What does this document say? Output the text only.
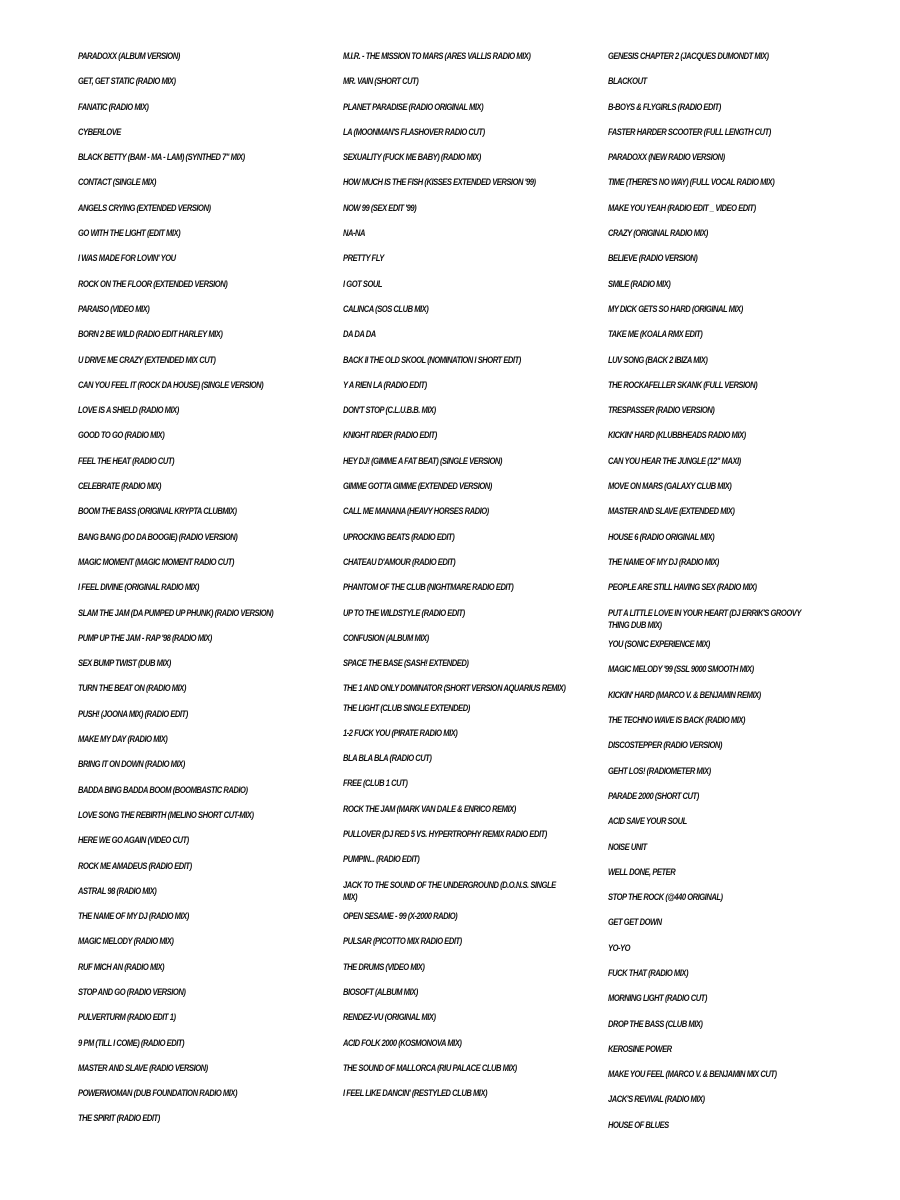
PARADOXX (ALBUM VERSION)
GET, GET STATIC (RADIO MIX)
FANATIC (RADIO MIX)
CYBERLOVE
BLACK BETTY (BAM - MA - LAM) (SYNTHED 7" MIX)
CONTACT (SINGLE MIX)
ANGELS CRYING (EXTENDED VERSION)
GO WITH THE LIGHT (EDIT MIX)
I WAS MADE FOR LOVIN' YOU
ROCK ON THE FLOOR (EXTENDED VERSION)
PARAISO (VIDEO MIX)
BORN 2 BE WILD (RADIO EDIT HARLEY MIX)
U DRIVE ME CRAZY (EXTENDED MIX CUT)
CAN YOU FEEL IT (ROCK DA HOUSE) (SINGLE VERSION)
LOVE IS A SHIELD (RADIO MIX)
GOOD TO GO (RADIO MIX)
FEEL THE HEAT (RADIO CUT)
CELEBRATE (RADIO MIX)
BOOM THE BASS (ORIGINAL KRYPTA CLUBMIX)
BANG BANG (DO DA BOOGIE) (RADIO VERSION)
MAGIC MOMENT (MAGIC MOMENT RADIO CUT)
I FEEL DIVINE (ORIGINAL RADIO MIX)
SLAM THE JAM (DA PUMPED UP PHUNK) (RADIO VERSION)
PUMP UP THE JAM - RAP '98 (RADIO MIX)
SEX BUMP TWIST (DUB MIX)
TURN THE BEAT ON (RADIO MIX)
PUSH! (JOONA MIX) (RADIO EDIT)
MAKE MY DAY (RADIO MIX)
BRING IT ON DOWN (RADIO MIX)
BADDA BING BADDA BOOM (BOOMBASTIC RADIO)
LOVE SONG THE REBIRTH (MELINO SHORT CUT-MIX)
HERE WE GO AGAIN (VIDEO CUT)
ROCK ME AMADEUS (RADIO EDIT)
ASTRAL 98 (RADIO MIX)
THE NAME OF MY DJ (RADIO MIX)
MAGIC MELODY (RADIO MIX)
RUF MICH AN (RADIO MIX)
STOP AND GO (RADIO VERSION)
PULVERTURM (RADIO EDIT 1)
9 PM (TILL I COME) (RADIO EDIT)
MASTER AND SLAVE (RADIO VERSION)
POWERWOMAN (DUB FOUNDATION RADIO MIX)
THE SPIRIT (RADIO EDIT)
M.I.R. - THE MISSION TO MARS (ARES VALLIS RADIO MIX)
MR. VAIN (SHORT CUT)
PLANET PARADISE (RADIO ORIGINAL MIX)
LA (MOONMAN'S FLASHOVER RADIO CUT)
SEXUALITY (FUCK ME BABY) (RADIO MIX)
HOW MUCH IS THE FISH (KISSES EXTENDED VERSION '99)
NOW 99 (SEX EDIT '99)
NA-NA
PRETTY FLY
I GOT SOUL
CALINCA (SOS CLUB MIX)
DA DA DA
BACK II THE OLD SKOOL (NOMINATION I SHORT EDIT)
Y A RIEN LA (RADIO EDIT)
DON'T STOP (C.L.U.B.B. MIX)
KNIGHT RIDER (RADIO EDIT)
HEY DJ! (GIMME A FAT BEAT) (SINGLE VERSION)
GIMME GOTTA GIMME (EXTENDED VERSION)
CALL ME MANANA (HEAVY HORSES RADIO)
UPROCKING BEATS (RADIO EDIT)
CHATEAU D'AMOUR (RADIO EDIT)
PHANTOM OF THE CLUB (NIGHTMARE RADIO EDIT)
UP TO THE WILDSTYLE (RADIO EDIT)
CONFUSION (ALBUM MIX)
SPACE THE BASE (SASH! EXTENDED)
THE 1 AND ONLY DOMINATOR (SHORT VERSION AQUARIUS REMIX)
THE LIGHT (CLUB SINGLE EXTENDED)
1-2 FUCK YOU (PIRATE RADIO MIX)
BLA BLA BLA (RADIO CUT)
FREE (CLUB 1 CUT)
ROCK THE JAM (MARK VAN DALE & ENRICO REMIX)
PULLOVER (DJ RED 5 VS. HYPERTROPHY REMIX RADIO EDIT)
PUMPIN... (RADIO EDIT)
JACK TO THE SOUND OF THE UNDERGROUND (D.O.N.S. SINGLE MIX)
OPEN SESAME - 99 (X-2000 RADIO)
PULSAR (PICOTTO MIX RADIO EDIT)
THE DRUMS (VIDEO MIX)
BIOSOFT (ALBUM MIX)
RENDEZ-VU (ORIGINAL MIX)
ACID FOLK 2000 (KOSMONOVA MIX)
THE SOUND OF MALLORCA (RIU PALACE CLUB MIX)
I FEEL LIKE DANCIN' (RESTYLED CLUB MIX)
GENESIS CHAPTER 2 (JACQUES DUMONDT MIX)
BLACKOUT
B-BOYS & FLYGIRLS (RADIO EDIT)
FASTER HARDER SCOOTER (FULL LENGTH CUT)
PARADOXX (NEW RADIO VERSION)
TIME (THERE'S NO WAY) (FULL VOCAL RADIO MIX)
MAKE YOU YEAH (RADIO EDIT _ VIDEO EDIT)
CRAZY (ORIGINAL RADIO MIX)
BELIEVE (RADIO VERSION)
SMILE (RADIO MIX)
MY DICK GETS SO HARD (ORIGINAL MIX)
TAKE ME (KOALA RMX EDIT)
LUV SONG (BACK 2 IBIZA MIX)
THE ROCKAFELLER SKANK (FULL VERSION)
TRESPASSER (RADIO VERSION)
KICKIN' HARD (KLUBBHEADS RADIO MIX)
CAN YOU HEAR THE JUNGLE (12" MAXI)
MOVE ON MARS (GALAXY CLUB MIX)
MASTER AND SLAVE (EXTENDED MIX)
HOUSE 6 (RADIO ORIGINAL MIX)
THE NAME OF MY DJ (RADIO MIX)
PEOPLE ARE STILL HAVING SEX (RADIO MIX)
PUT A LITTLE LOVE IN YOUR HEART (DJ ERRIK'S GROOVY THING DUB MIX)
YOU (SONIC EXPERIENCE MIX)
MAGIC MELODY '99 (SSL 9000 SMOOTH MIX)
KICKIN' HARD (MARCO V. & BENJAMIN REMIX)
THE TECHNO WAVE IS BACK (RADIO MIX)
DISCOSTEPPER (RADIO VERSION)
GEHT LOS! (RADIOMETER MIX)
PARADE 2000 (SHORT CUT)
ACID SAVE YOUR SOUL
NOISE UNIT
WELL DONE, PETER
STOP THE ROCK (@440 ORIGINAL)
GET GET DOWN
YO-YO
FUCK THAT (RADIO MIX)
MORNING LIGHT (RADIO CUT)
DROP THE BASS (CLUB MIX)
KEROSINE POWER
MAKE YOU FEEL (MARCO V. & BENJAMIN MIX CUT)
JACK'S REVIVAL (RADIO MIX)
HOUSE OF BLUES
